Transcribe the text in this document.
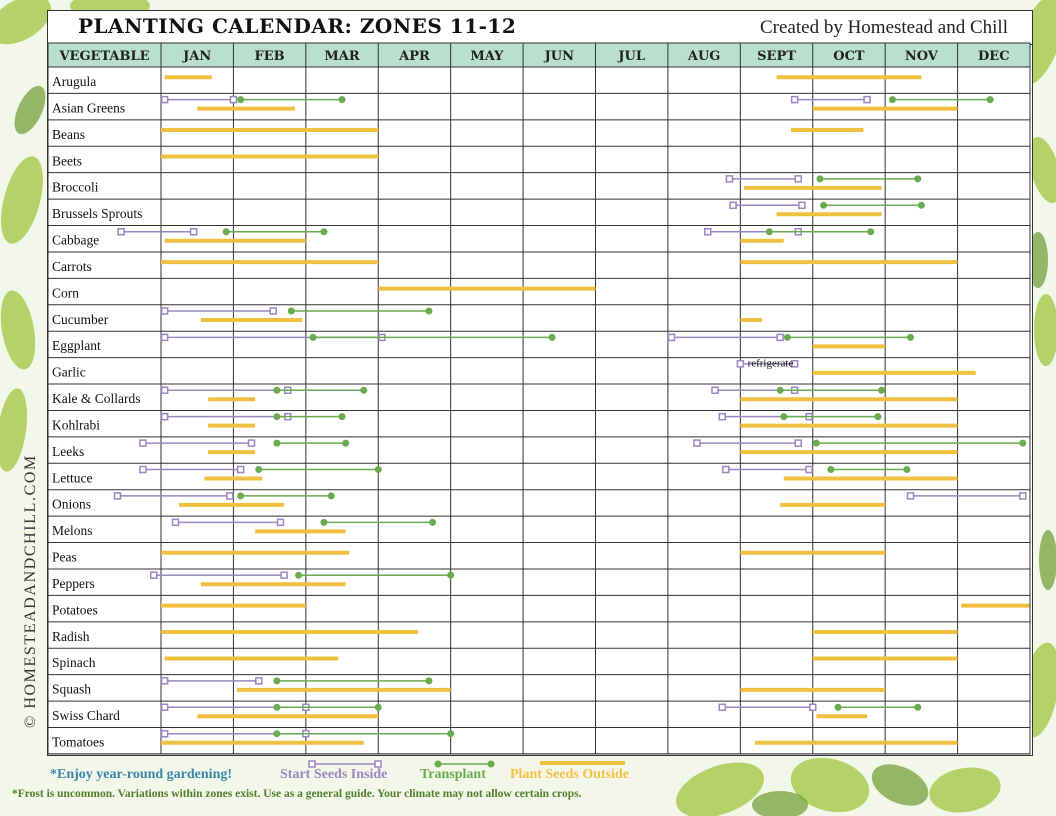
PLANTING CALENDAR: ZONES 11-12	Created by Homestead and Chill
VEGETABLE	JAN	FEB	MAR	APR	MAY	JUN	JUL	AUG	SEPT	OCT	NOV	DEC
Arugula
Asian Greens
Beans
Beets
Broccoli
Brussels Sprouts
Cabbage
Carrots
Corn
Cucumber
Eggplant
Garlic
refrigerate
Kale & Collards
Kohlrabi
Leeks
Lettuce
Onions
Melons
Peas
Peppers
Potatoes
Radish
Spinach
Squash
Swiss Chard
Tomatoes
© HOMESTEADANDCHILL.COM
*Enjoy year-round gardening!	Start Seeds Inside Transplant Plant Seeds Outside
*Frost is uncommon. Variations within zones exist. Use as a general guide. Your climate may not allow certain crops.
